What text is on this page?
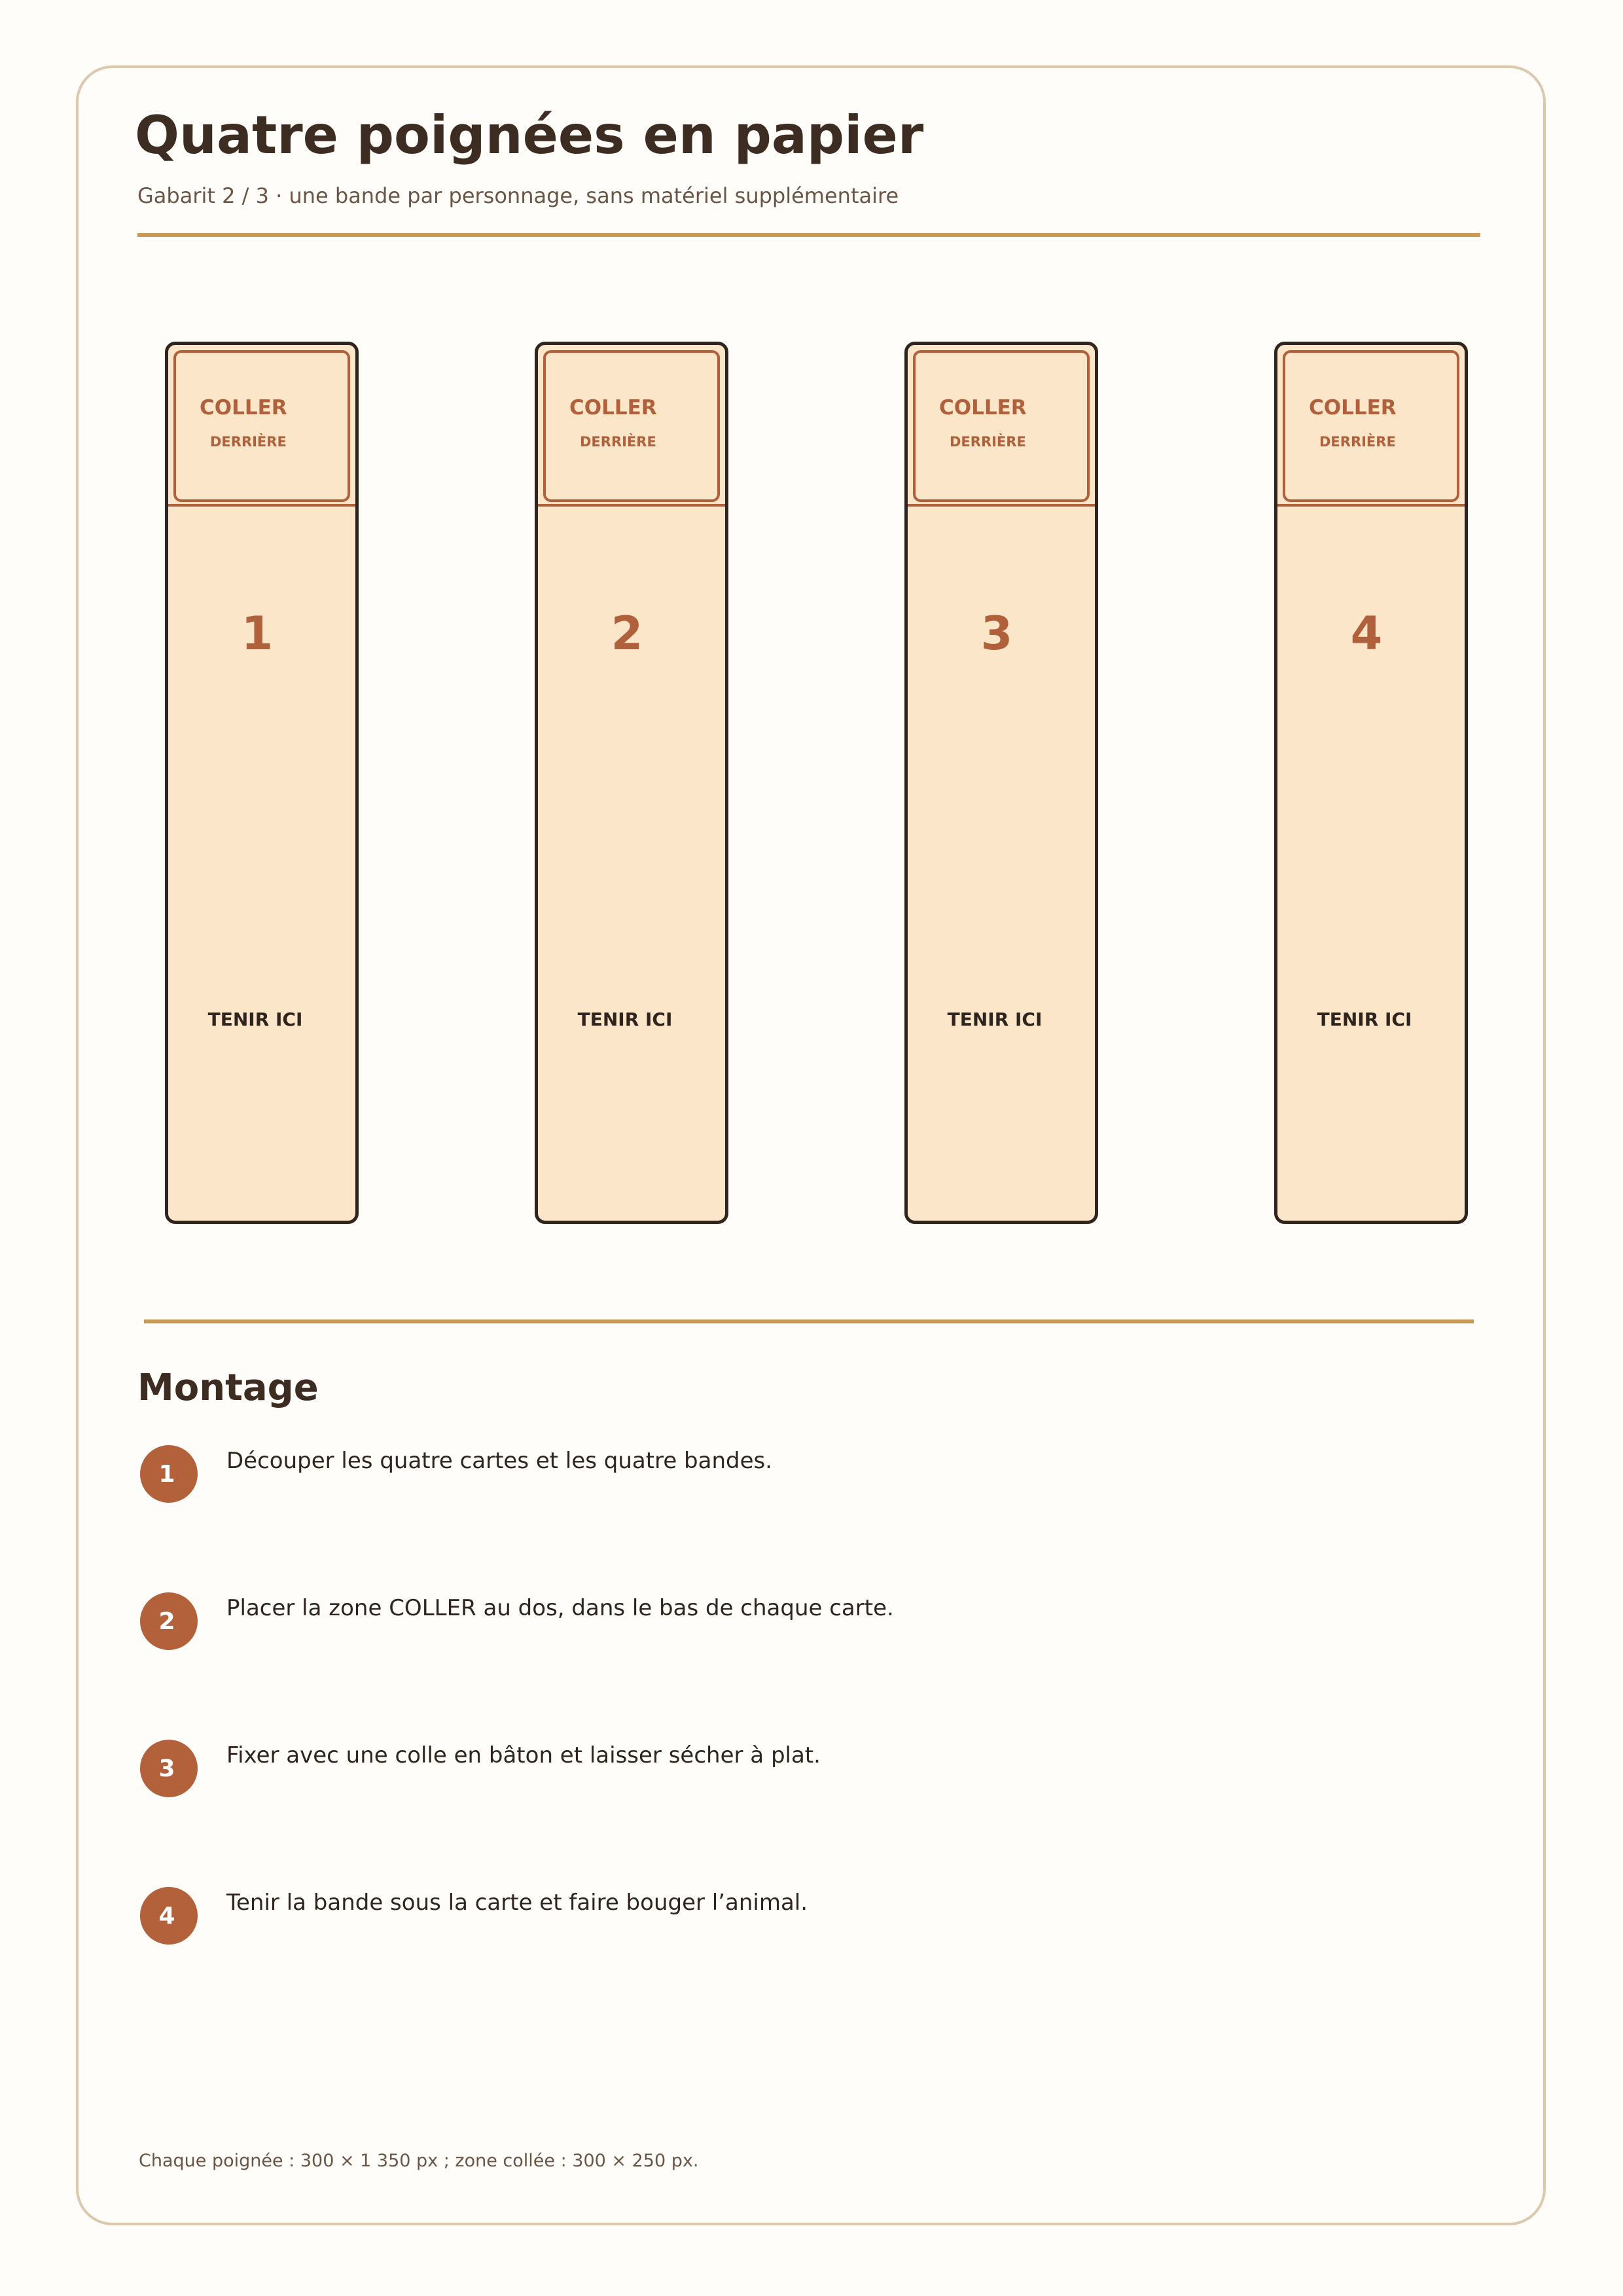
Quatre poignées en papier
Gabarit 2 / 3 · une bande par personnage, sans matériel supplémentaire
COLLER
DERRIÈRE
1
TENIR ICI
COLLER
DERRIÈRE
2
TENIR ICI
COLLER
DERRIÈRE
3
TENIR ICI
COLLER
DERRIÈRE
4
TENIR ICI
Montage
1	Découper les quatre cartes et les quatre bandes.
2	Placer la zone COLLER au dos, dans le bas de chaque carte.
3	Fixer avec une colle en bâton et laisser sécher à plat.
4	Tenir la bande sous la carte et faire bouger l’animal.
Chaque poignée : 300 × 1 350 px ; zone collée : 300 × 250 px.
